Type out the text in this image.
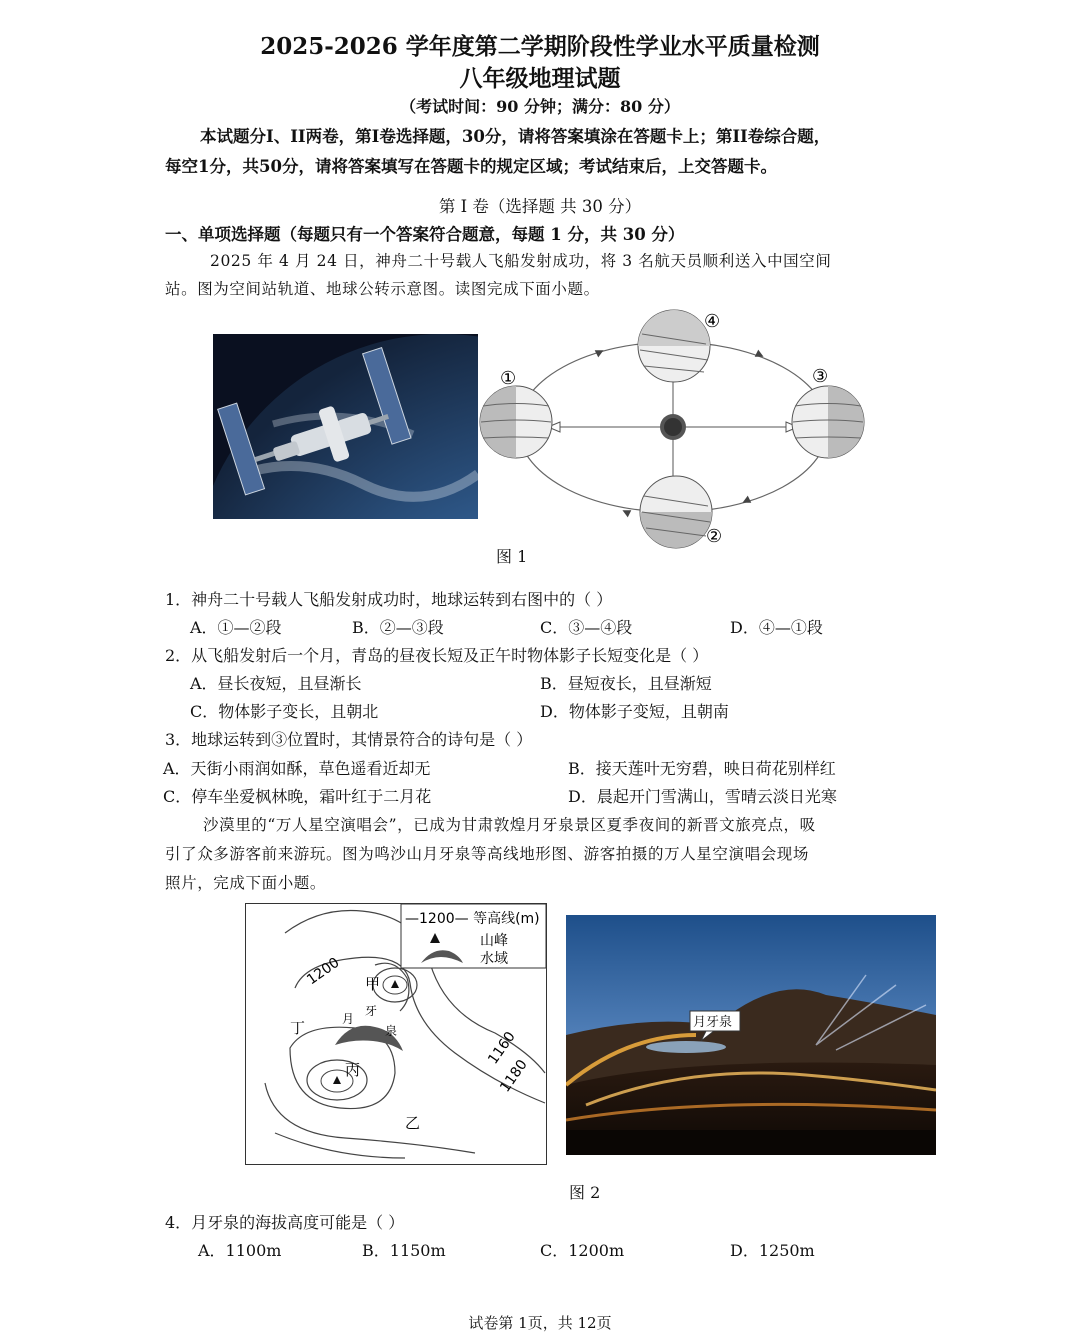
2025-2026 学年度第二学期阶段性学业水平质量检测
八年级地理试题
（考试时间：90 分钟；满分：80 分）
本试题分I、II两卷，第I卷选择题，30分，请将答案填涂在答题卡上；第II卷综合题，
每空1分，共50分，请将答案填写在答题卡的规定区域；考试结束后，上交答题卡。
第 I 卷（选择题 共 30 分）
一、单项选择题（每题只有一个答案符合题意，每题 1 分，共 30 分）
2025 年 4 月 24 日，神舟二十号载人飞船发射成功，将 3 名航天员顺利送入中国空间
站。图为空间站轨道、地球公转示意图。读图完成下面小题。
④
①	③
②
图 1
1．神舟二十号载人飞船发射成功时，地球运转到右图中的（ ）
A．①—②段	B．②—③段	C．③—④段	D．④—①段
2．从飞船发射后一个月，青岛的昼夜长短及正午时物体影子长短变化是（ ）
A．昼长夜短，且昼渐长	B．昼短夜长，且昼渐短
C．物体影子变长，且朝北	D．物体影子变短，且朝南
3．地球运转到③位置时，其情景符合的诗句是（ ）
A．天街小雨润如酥，草色遥看近却无	B．接天莲叶无穷碧，映日荷花别样红
C．停车坐爱枫林晚，霜叶红于二月花	D．晨起开门雪满山，雪晴云淡日光寒
沙漠里的“万人星空演唱会”，已成为甘肃敦煌月牙泉景区夏季夜间的新晋文旅亮点，吸
引了众多游客前来游玩。图为鸣沙山月牙泉等高线地形图、游客拍摄的万人星空演唱会现场
照片，完成下面小题。
—1200— 等高线(m)
山峰
水域
1200
1160
1180
甲
丙
丁
乙
月
牙
泉
月牙泉
图 2
4．月牙泉的海拔高度可能是（ ）
A．1100m	B．1150m	C．1200m	D．1250m
试卷第 1页，共 12页
